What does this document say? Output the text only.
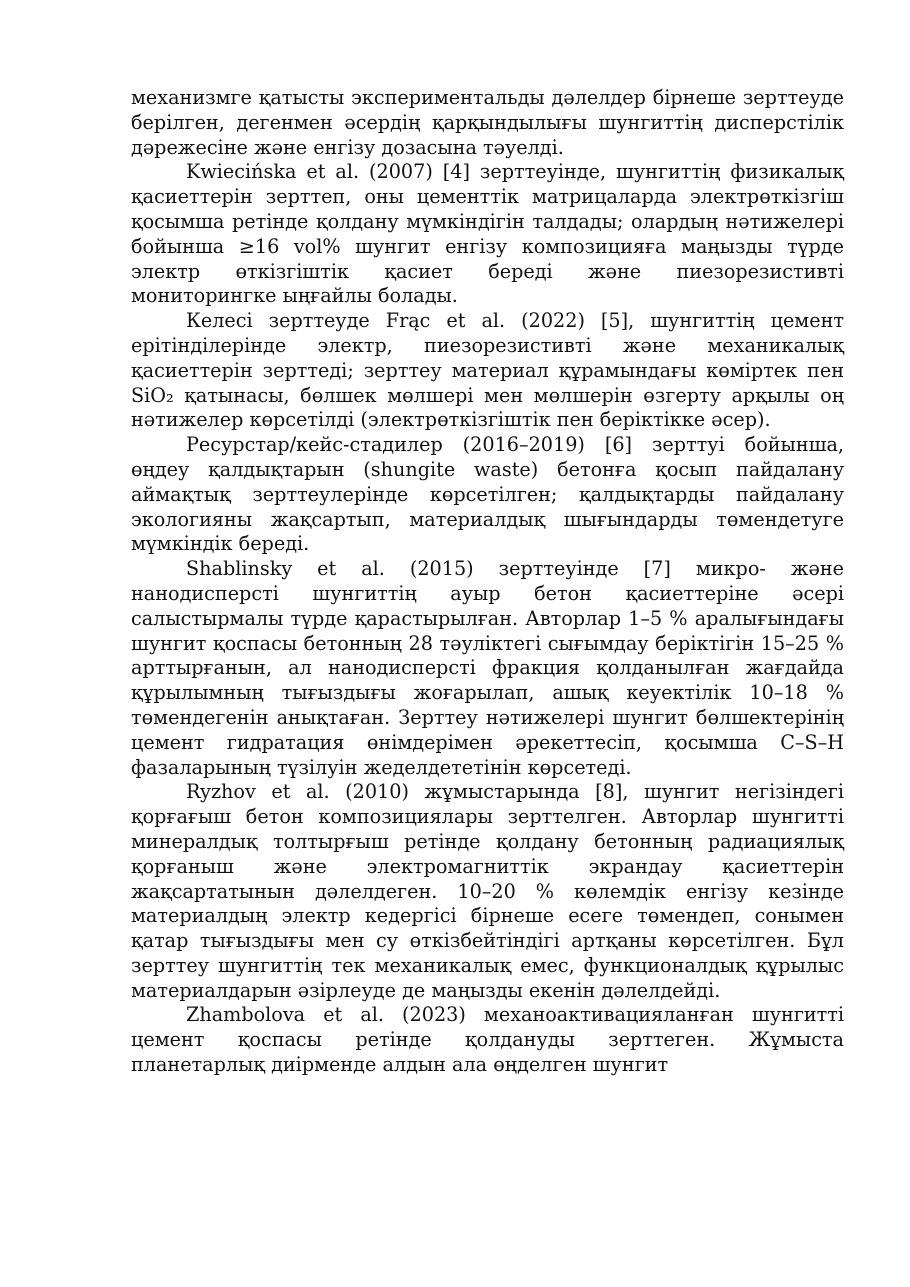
механизмге қатысты экспериментальды дәлелдер бірнеше зерттеуде берілген, дегенмен әсердің қарқындылығы шунгиттің дисперстілік дәрежесіне және енгізу дозасына тәуелді.

Kwiecińska et al. (2007) [4] зерттеуінде, шунгиттің физикалық қасиеттерін зерттеп, оны цементтік матрицаларда электрөткізгіш қосымша ретінде қолдану мүмкіндігін талдады; олардың нәтижелері бойынша ≥16 vol% шунгит енгізу композицияға маңызды түрде электр өткізгіштік қасиет береді және пиезорезистивті мониторингке ыңғайлы болады.

Келесі зерттеуде Frąc et al. (2022) [5], шунгиттің цемент ерітінділерінде электр, пиезорезистивті және механикалық қасиеттерін зерттеді; зерттеу материал құрамындағы көміртек пен SiO₂ қатынасы, бөлшек мөлшері мен мөлшерін өзгерту арқылы оң нәтижелер көрсетілді (электрөткізгіштік пен беріктікке әсер).

Ресурстар/кейс-стадилер (2016–2019) [6] зерттуі бойынша, өңдеу қалдықтарын (shungite waste) бетонға қосып пайдалану аймақтық зерттеулерінде көрсетілген; қалдықтарды пайдалану экологияны жақсартып, материалдық шығындарды төмендетуге мүмкіндік береді.

Shablinsky et al. (2015) зерттеуінде [7] микро- және нанодисперсті шунгиттің ауыр бетон қасиеттеріне әсері салыстырмалы түрде қарастырылған. Авторлар 1–5 % аралығындағы шунгит қоспасы бетонның 28 тәуліктегі сығымдау беріктігін 15–25 % арттырғанын, ал нанодисперсті фракция қолданылған жағдайда құрылымның тығыздығы жоғарылап, ашық кеуектілік 10–18 % төмендегенін анықтаған. Зерттеу нәтижелері шунгит бөлшектерінің цемент гидратация өнімдерімен әрекеттесіп, қосымша C–S–H фазаларының түзілуін жеделдететінін көрсетеді.

Ryzhov et al. (2010) жұмыстарында [8], шунгит негізіндегі қорғағыш бетон композициялары зерттелген. Авторлар шунгитті минералдық толтырғыш ретінде қолдану бетонның радиациялық қорғаныш және электромагниттік экрандау қасиеттерін жақсартатынын дәлелдеген. 10–20 % көлемдік енгізу кезінде материалдың электр кедергісі бірнеше есеге төмендеп, сонымен қатар тығыздығы мен су өткізбейтіндігі артқаны көрсетілген. Бұл зерттеу шунгиттің тек механикалық емес, функционалдық құрылыс материалдарын әзірлеуде де маңызды екенін дәлелдейді.

Zhambolova et al. (2023) механоактивацияланған шунгитті цемент қоспасы ретінде қолдануды зерттеген. Жұмыста планетарлық диірменде алдын ала өңделген шунгит
